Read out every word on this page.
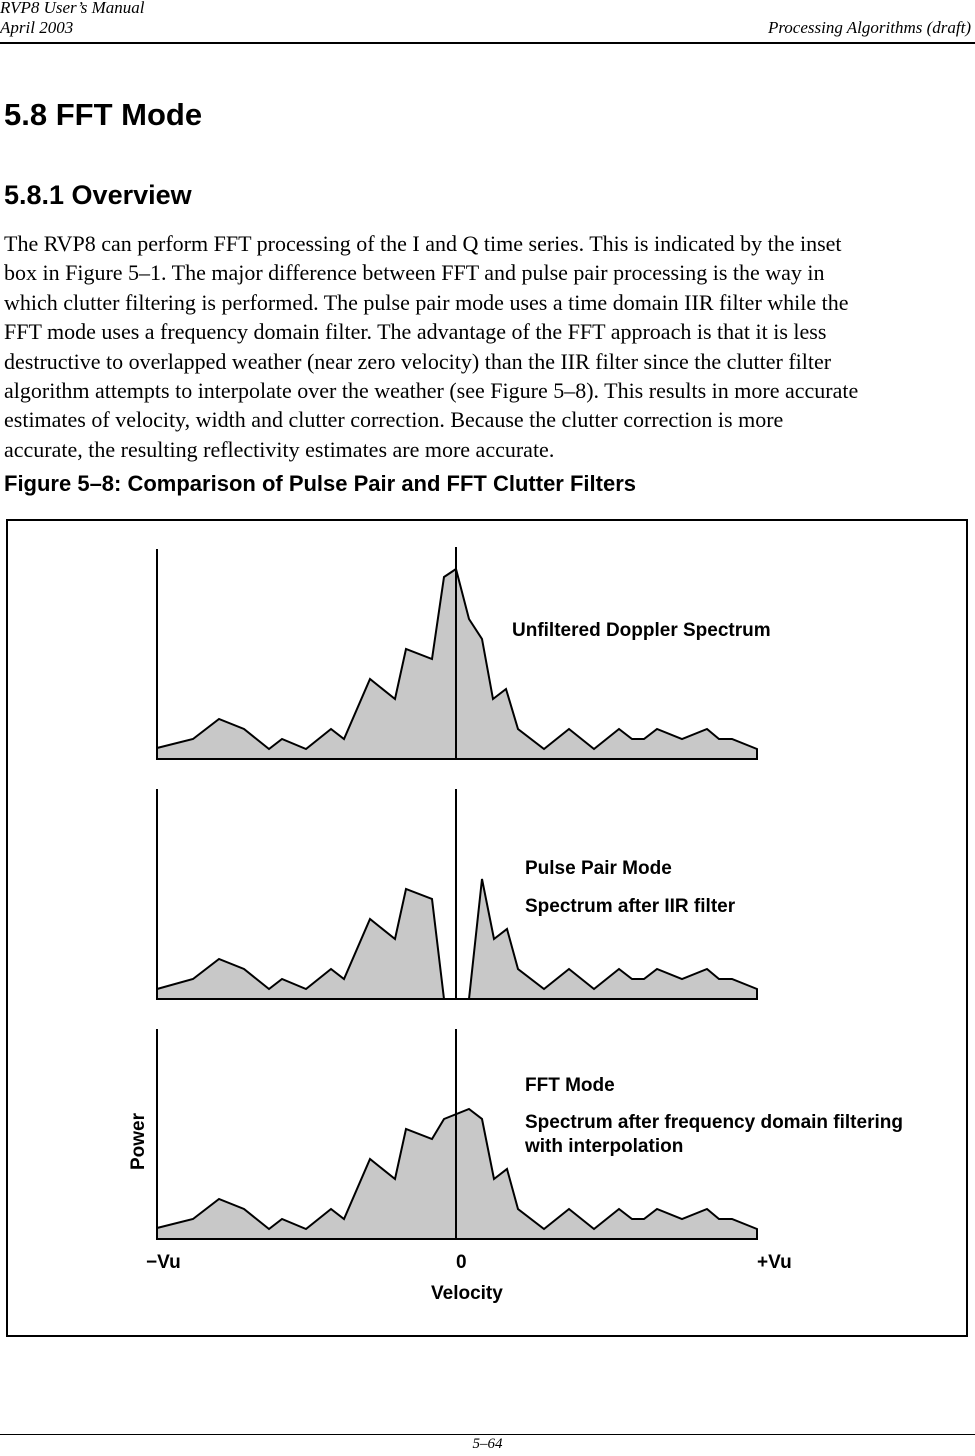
RVP8 User’s Manual
April 2003	Processing Algorithms (draft)
5.8 FFT Mode
5.8.1 Overview

The RVP8 can perform FFT processing of the I and Q time series. This is indicated by the inset
box in Figure 5–1. The major difference between FFT and pulse pair processing is the way in
which clutter filtering is performed. The pulse pair mode uses a time domain IIR filter while the
FFT mode uses a frequency domain filter. The advantage of the FFT approach is that it is less
destructive to overlapped weather (near zero velocity) than the IIR filter since the clutter filter
algorithm attempts to interpolate over the weather (see Figure 5–8). This results in more accurate
estimates of velocity, width and clutter correction. Because the clutter correction is more
accurate, the resulting reflectivity estimates are more accurate.

Figure 5–8: Comparison of Pulse Pair and FFT Clutter Filters
Unfiltered Doppler Spectrum
Pulse Pair Mode
Spectrum after IIR filter
FFT Mode
Spectrum after frequency domain filtering
with interpolation
Power
−Vu	0	+Vu
Velocity
5–64
